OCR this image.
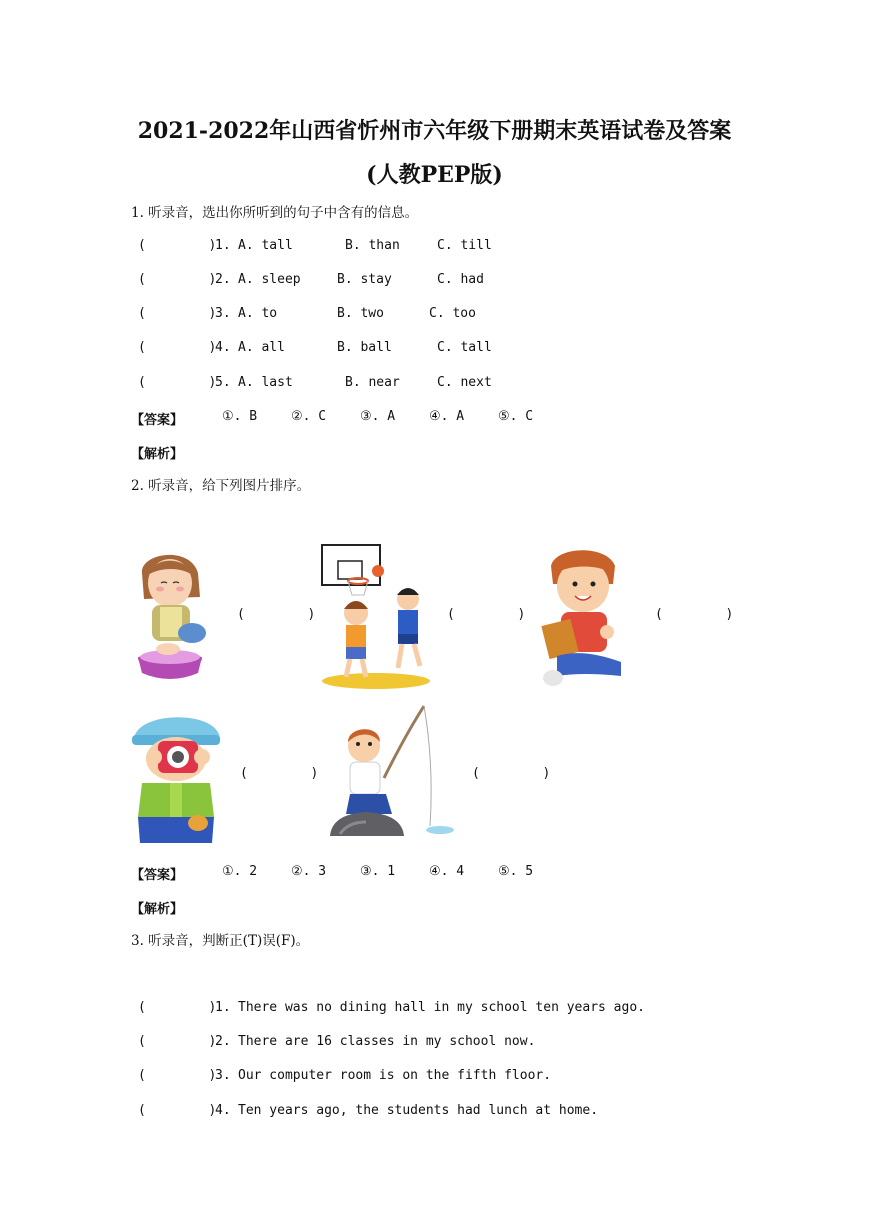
2021-2022年山西省忻州市六年级下册期末英语试卷及答案
(人教PEP版)
1. 听录音，选出你所听到的句子中含有的信息。
(        )
1. A. tall	B. than	C. till
(        )
2. A. sleep	B. stay	C. had
(        )
3. A. to	B. two	C. too
(        )
4. A. all	B. ball	C. tall
(        )
5. A. last	B. near	C. next
【答案】	①. B	②. C	③. A	④. A	⑤. C
【解析】
2. 听录音，给下列图片排序。
(        )	(        )	(        )
(        )	(        )
【答案】	①. 2	②. 3	③. 1	④. 4	⑤. 5
【解析】
3. 听录音，判断正(T)误(F)。
(        )
1. There was no dining hall in my school ten years ago.
(        )
2. There are 16 classes in my school now.
(        )
3. Our computer room is on the fifth floor.
(        )
4. Ten years ago, the students had lunch at home.
